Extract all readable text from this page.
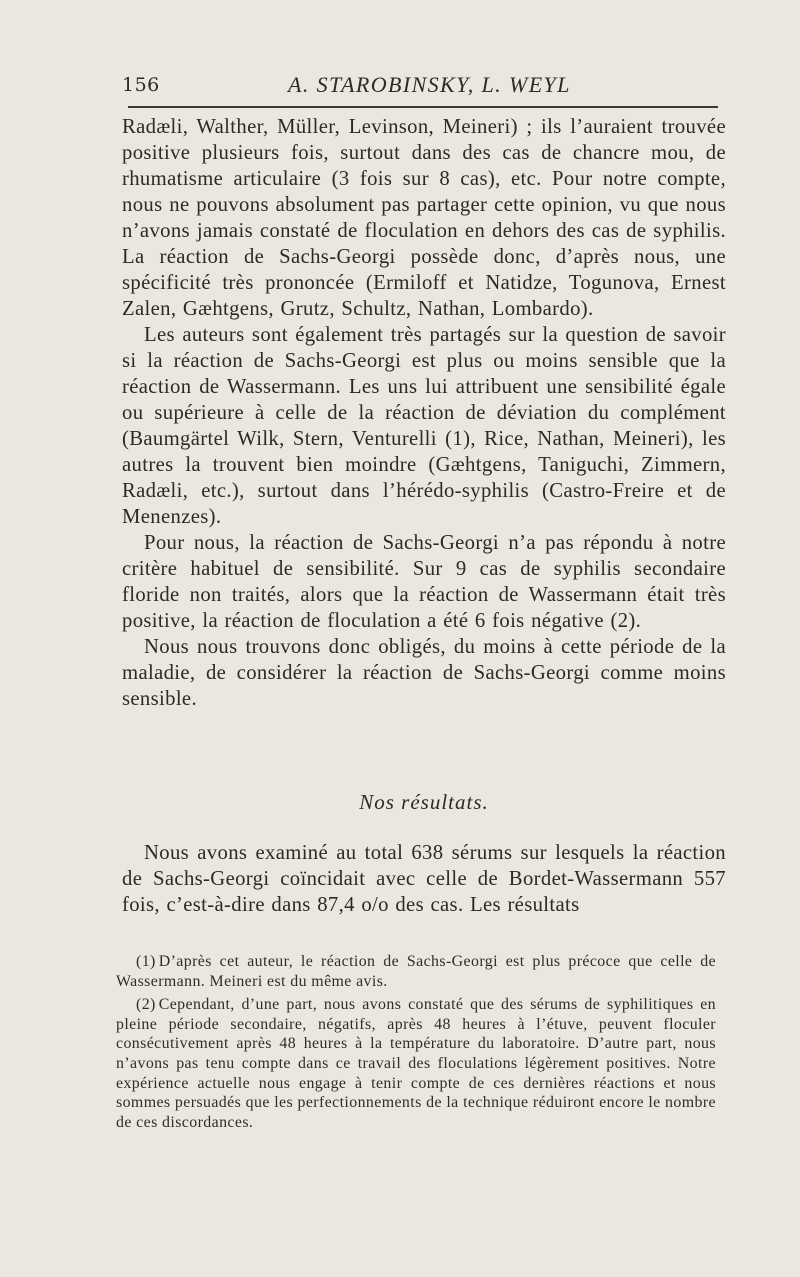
156	A. STAROBINSKY, L. WEYL

Radæli, Walther, Müller, Levinson, Meineri) ; ils l’auraient trouvée positive plusieurs fois, surtout dans des cas de chancre mou, de rhumatisme articulaire (3 fois sur 8 cas), etc. Pour notre compte, nous ne pouvons absolument pas partager cette opinion, vu que nous n’avons jamais constaté de floculation en dehors des cas de syphilis. La réaction de Sachs-Georgi possède donc, d’après nous, une spécificité très prononcée (Ermiloff et Natidze, Togunova, Ernest Zalen, Gæhtgens, Grutz, Schultz, Nathan, Lombardo).

Les auteurs sont également très partagés sur la question de savoir si la réaction de Sachs-Georgi est plus ou moins sensible que la réaction de Wassermann. Les uns lui attribuent une sensibilité égale ou supérieure à celle de la réaction de déviation du complément (Baumgärtel Wilk, Stern, Venturelli (1), Rice, Nathan, Meineri), les autres la trouvent bien moindre (Gæhtgens, Taniguchi, Zimmern, Radæli, etc.), surtout dans l’hérédo-syphilis (Castro-Freire et de Menenzes).

Pour nous, la réaction de Sachs-Georgi n’a pas répondu à notre critère habituel de sensibilité. Sur 9 cas de syphilis secondaire floride non traités, alors que la réaction de Wassermann était très positive, la réaction de floculation a été 6 fois négative (2).

Nous nous trouvons donc obligés, du moins à cette période de la maladie, de considérer la réaction de Sachs-Georgi comme moins sensible.

Nos résultats.

Nous avons examiné au total 638 sérums sur lesquels la réaction de Sachs-Georgi coïncidait avec celle de Bordet-Wassermann 557 fois, c’est-à-dire dans 87,4 o/o des cas. Les résultats

(1) D’après cet auteur, le réaction de Sachs-Georgi est plus précoce que celle de Wassermann. Meineri est du même avis.

(2) Cependant, d’une part, nous avons constaté que des sérums de syphilitiques en pleine période secondaire, négatifs, après 48 heures à l’étuve, peuvent floculer consécutivement après 48 heures à la température du laboratoire. D’autre part, nous n’avons pas tenu compte dans ce travail des floculations légèrement positives. Notre expérience actuelle nous engage à tenir compte de ces dernières réactions et nous sommes persuadés que les perfectionnements de la technique réduiront encore le nombre de ces discordances.
